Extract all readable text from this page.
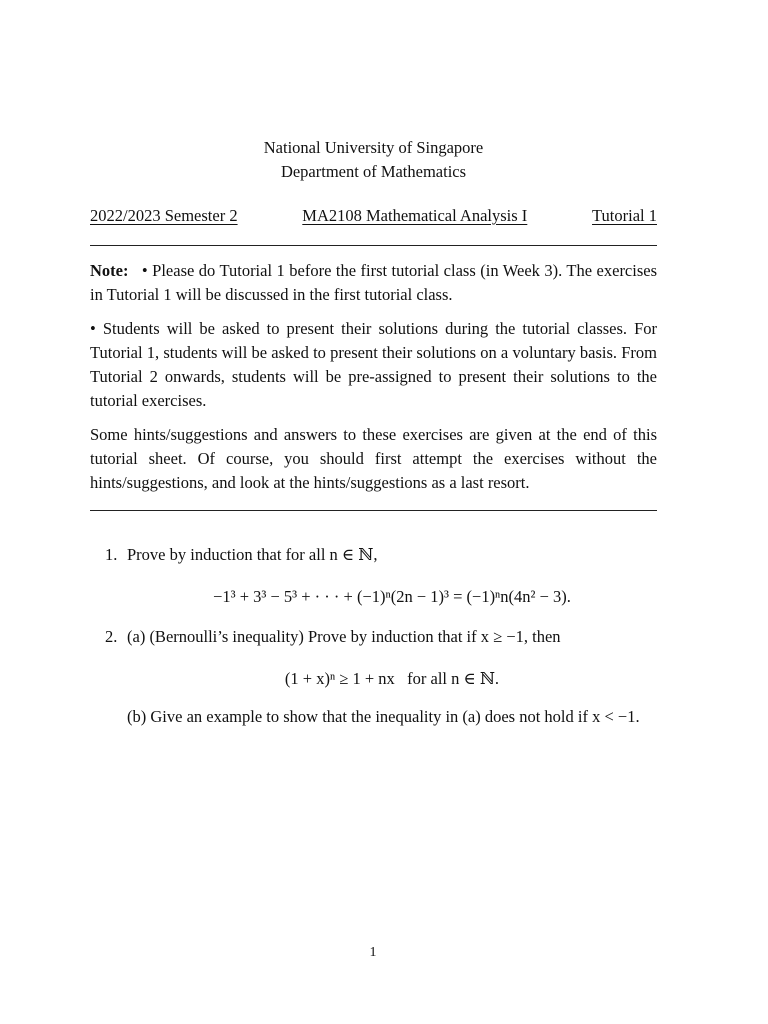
National University of Singapore

Department of Mathematics

2022/2023 Semester 2	MA2108 Mathematical Analysis I	Tutorial 1

Note: • Please do Tutorial 1 before the first tutorial class (in Week 3). The exercises in Tutorial 1 will be discussed in the first tutorial class.

• Students will be asked to present their solutions during the tutorial classes. For Tutorial 1, students will be asked to present their solutions on a voluntary basis. From Tutorial 2 onwards, students will be pre-assigned to present their solutions to the tutorial exercises.

Some hints/suggestions and answers to these exercises are given at the end of this tutorial sheet. Of course, you should first attempt the exercises without the hints/suggestions, and look at the hints/suggestions as a last resort.

1. Prove by induction that for all n ∈ ℕ,

−1³ + 3³ − 5³ + · · · + (−1)ⁿ(2n − 1)³ = (−1)ⁿn(4n² − 3).

2. (a) (Bernoulli’s inequality) Prove by induction that if x ≥ −1, then

(1 + x)ⁿ ≥ 1 + nx   for all n ∈ ℕ.

(b) Give an example to show that the inequality in (a) does not hold if x < −1.

1
